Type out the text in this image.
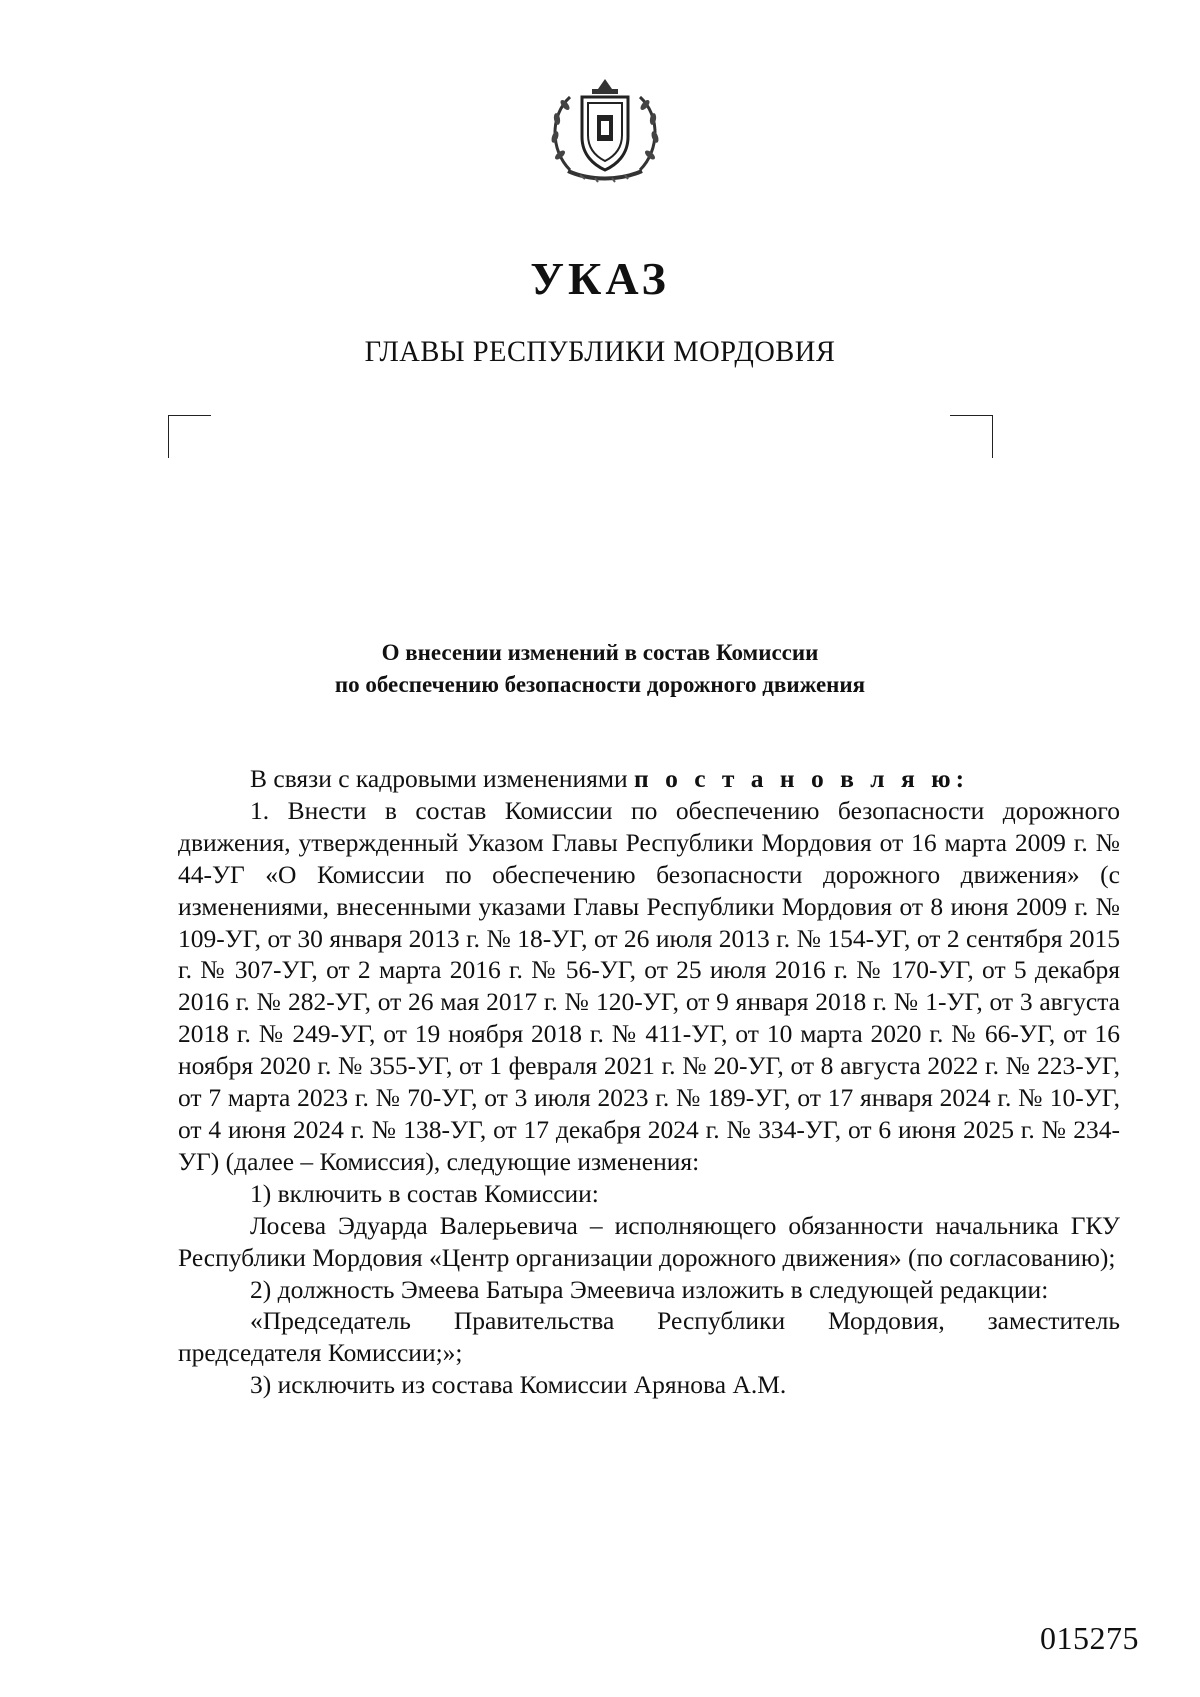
УКАЗ
ГЛАВЫ РЕСПУБЛИКИ МОРДОВИЯ
О внесении изменений в состав Комиссии
по обеспечению безопасности дорожного движения

В связи с кадровыми изменениями п о с т а н о в л я ю:

1. Внести в состав Комиссии по обеспечению безопасности дорожного движения, утвержденный Указом Главы Республики Мордовия от 16 марта 2009 г. № 44-УГ «О Комиссии по обеспечению безопасности дорожного движения» (с изменениями, внесенными указами Главы Республики Мордовия от 8 июня 2009 г. № 109-УГ, от 30 января 2013 г. № 18-УГ, от 26 июля 2013 г. № 154-УГ, от 2 сентября 2015 г. № 307-УГ, от 2 марта 2016 г. № 56-УГ, от 25 июля 2016 г. № 170-УГ, от 5 декабря 2016 г. № 282-УГ, от 26 мая 2017 г. № 120-УГ, от 9 января 2018 г. № 1-УГ, от 3 августа 2018 г. № 249-УГ, от 19 ноября 2018 г. № 411-УГ, от 10 марта 2020 г. № 66-УГ, от 16 ноября 2020 г. № 355-УГ, от 1 февраля 2021 г. № 20-УГ, от 8 августа 2022 г. № 223-УГ, от 7 марта 2023 г. № 70-УГ, от 3 июля 2023 г. № 189-УГ, от 17 января 2024 г. № 10-УГ, от 4 июня 2024 г. № 138-УГ, от 17 декабря 2024 г. № 334-УГ, от 6 июня 2025 г. № 234-УГ) (далее – Комиссия), следующие изменения:

1) включить в состав Комиссии:

Лосева Эдуарда Валерьевича – исполняющего обязанности начальника ГКУ Республики Мордовия «Центр организации дорожного движения» (по согласованию);

2) должность Эмеева Батыра Эмеевича изложить в следующей редакции:

«Председатель Правительства Республики Мордовия, заместитель председателя Комиссии;»;

3) исключить из состава Комиссии Арянова А.М.

015275
